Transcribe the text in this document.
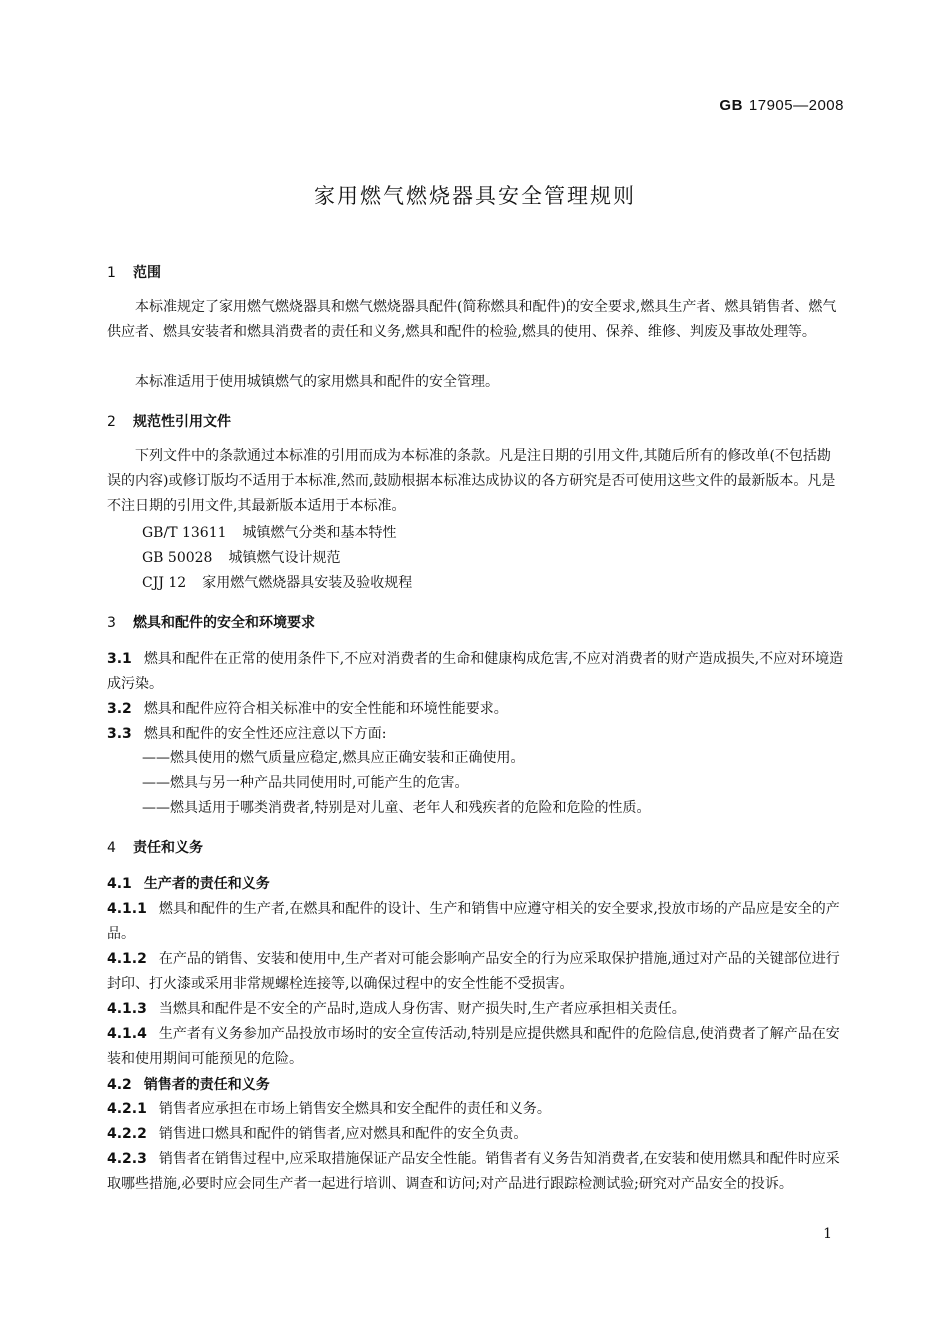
GB 17905—2008
家用燃气燃烧器具安全管理规则
1 范围
本标准规定了家用燃气燃烧器具和燃气燃烧器具配件(简称燃具和配件)的安全要求,燃具生产者、燃具销售者、燃气供应者、燃具安装者和燃具消费者的责任和义务,燃具和配件的检验,燃具的使用、保养、维修、判废及事故处理等。
本标准适用于使用城镇燃气的家用燃具和配件的安全管理。
2 规范性引用文件
下列文件中的条款通过本标准的引用而成为本标准的条款。凡是注日期的引用文件,其随后所有的修改单(不包括勘误的内容)或修订版均不适用于本标准,然而,鼓励根据本标准达成协议的各方研究是否可使用这些文件的最新版本。凡是不注日期的引用文件,其最新版本适用于本标准。
GB/T 13611 城镇燃气分类和基本特性
GB 50028 城镇燃气设计规范
CJJ 12 家用燃气燃烧器具安装及验收规程
3 燃具和配件的安全和环境要求
3.1 燃具和配件在正常的使用条件下,不应对消费者的生命和健康构成危害,不应对消费者的财产造成损失,不应对环境造成污染。
3.2 燃具和配件应符合相关标准中的安全性能和环境性能要求。
3.3 燃具和配件的安全性还应注意以下方面:
——燃具使用的燃气质量应稳定,燃具应正确安装和正确使用。
——燃具与另一种产品共同使用时,可能产生的危害。
——燃具适用于哪类消费者,特别是对儿童、老年人和残疾者的危险和危险的性质。
4 责任和义务
4.1 生产者的责任和义务
4.1.1 燃具和配件的生产者,在燃具和配件的设计、生产和销售中应遵守相关的安全要求,投放市场的产品应是安全的产品。
4.1.2 在产品的销售、安装和使用中,生产者对可能会影响产品安全的行为应采取保护措施,通过对产品的关键部位进行封印、打火漆或采用非常规螺栓连接等,以确保过程中的安全性能不受损害。
4.1.3 当燃具和配件是不安全的产品时,造成人身伤害、财产损失时,生产者应承担相关责任。
4.1.4 生产者有义务参加产品投放市场时的安全宣传活动,特别是应提供燃具和配件的危险信息,使消费者了解产品在安装和使用期间可能预见的危险。
4.2 销售者的责任和义务
4.2.1 销售者应承担在市场上销售安全燃具和安全配件的责任和义务。
4.2.2 销售进口燃具和配件的销售者,应对燃具和配件的安全负责。
4.2.3 销售者在销售过程中,应采取措施保证产品安全性能。销售者有义务告知消费者,在安装和使用燃具和配件时应采取哪些措施,必要时应会同生产者一起进行培训、调查和访问;对产品进行跟踪检测试验;研究对产品安全的投诉。
1
